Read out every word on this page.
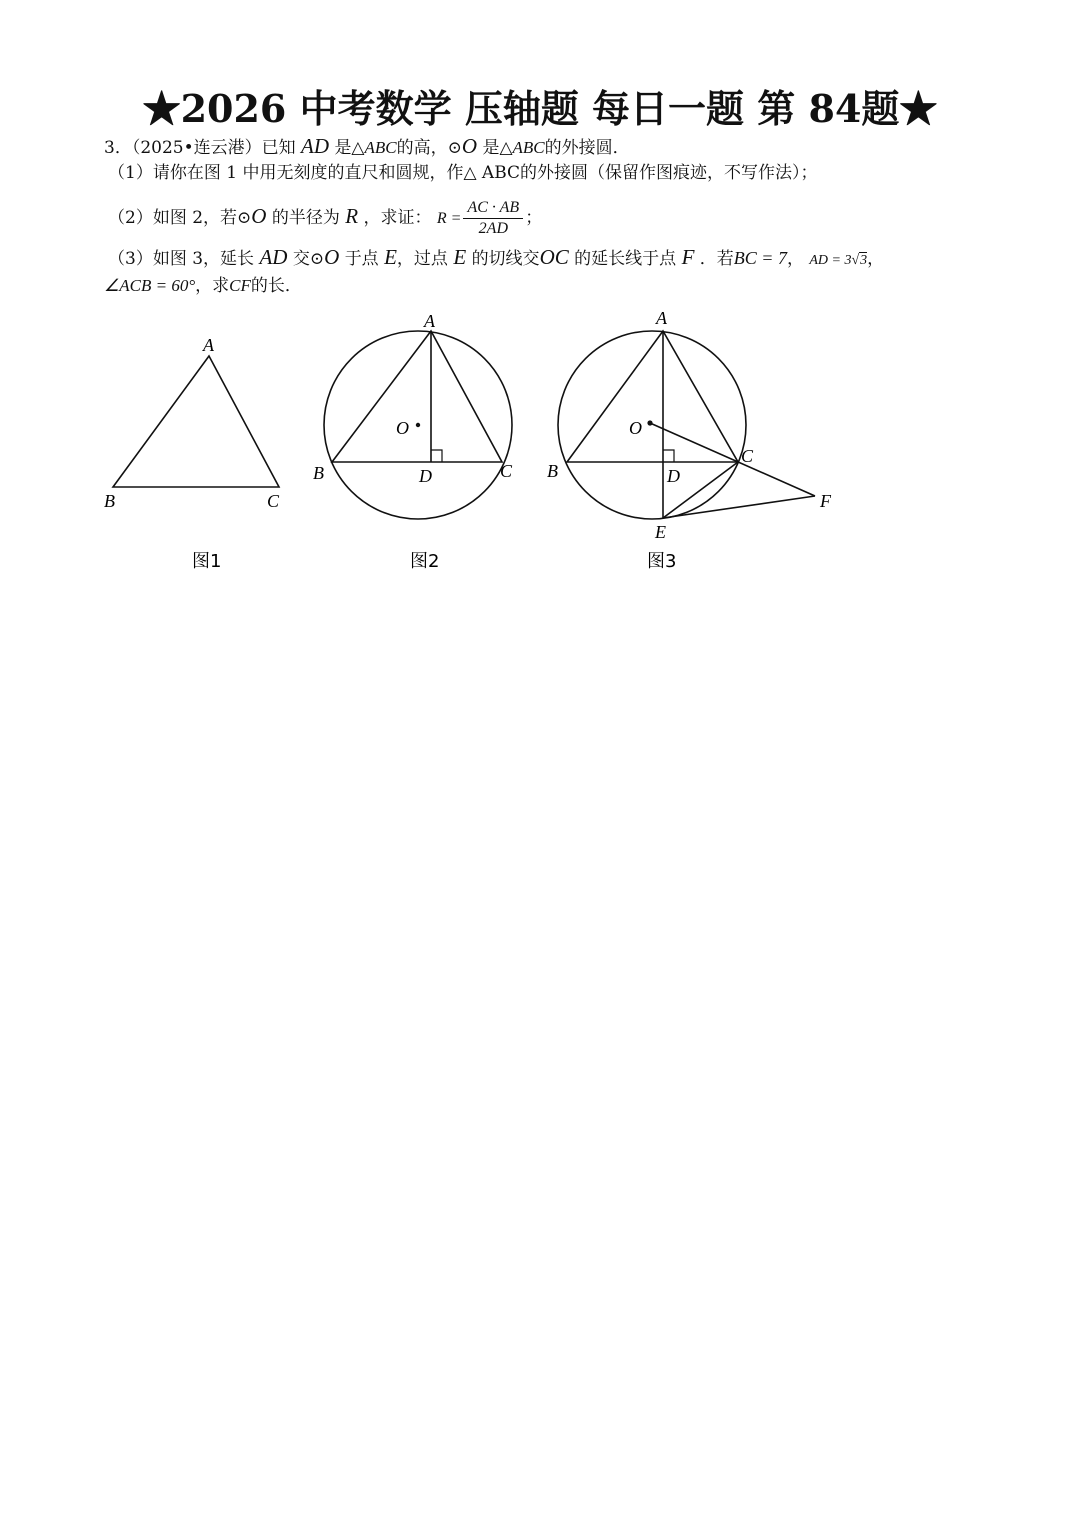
★2026 中考数学 压轴题 每日一题 第 84题★
3．（2025•连云港）已知 AD 是△ABC的高，⊙O 是△ABC的外接圆．
（1）请你在图 1 中用无刻度的直尺和圆规，作△ ABC的外接圆（保留作图痕迹，不写作法）；
（2）如图 2，若⊙O 的半径为 R ，求证： $R = \frac{AC \cdot AB}{2AD}$ ；
（3）如图 3，延长 AD 交⊙O 于点 E，过点 E 的切线交OC 的延长线于点 F ．若BC = 7， AD = 3√3，
∠ACB = 60°，求CF的长．
A
B	C
图1
A
B	C
D
O
图2
A
B
C
D
O
E
F
图3
